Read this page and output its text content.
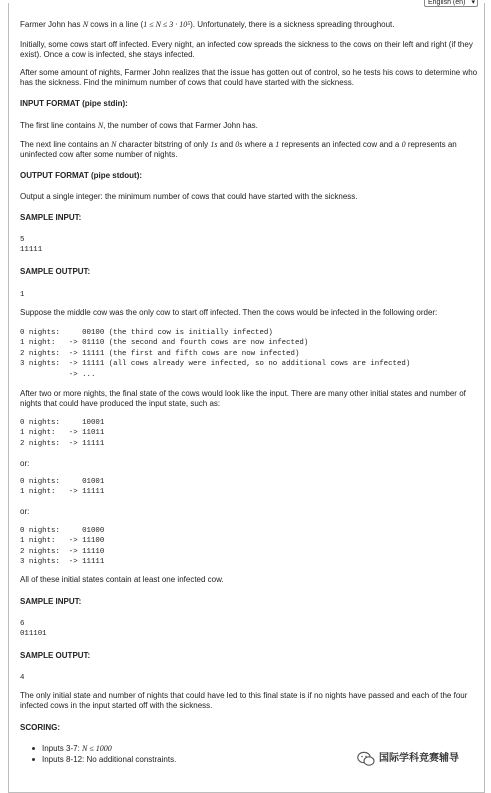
English (en) ▾
Farmer John has N cows in a line (1 ≤ N ≤ 3 · 10⁵). Unfortunately, there is a sickness spreading throughout.
Initially, some cows start off infected. Every night, an infected cow spreads the sickness to the cows on their left and right (if they
exist). Once a cow is infected, she stays infected.
After some amount of nights, Farmer John realizes that the issue has gotten out of control, so he tests his cows to determine who
has the sickness. Find the minimum number of cows that could have started with the sickness.
INPUT FORMAT (pipe stdin):
The first line contains N, the number of cows that Farmer John has.
The next line contains an N character bitstring of only 1s and 0s where a 1 represents an infected cow and a 0 represents an
uninfected cow after some number of nights.
OUTPUT FORMAT (pipe stdout):
Output a single integer: the minimum number of cows that could have started with the sickness.
SAMPLE INPUT:
5
11111
SAMPLE OUTPUT:
1
Suppose the middle cow was the only cow to start off infected. Then the cows would be infected in the following order:
0 nights:     00100 (the third cow is initially infected)
1 night:   -> 01110 (the second and fourth cows are now infected)
2 nights:  -> 11111 (the first and fifth cows are now infected)
3 nights:  -> 11111 (all cows already were infected, so no additional cows are infected)
-> ...
After two or more nights, the final state of the cows would look like the input. There are many other initial states and number of
nights that could have produced the input state, such as:
0 nights:     10001
1 night:   -> 11011
2 nights:  -> 11111
or:
0 nights:     01001
1 night:   -> 11111
or:
0 nights:     01000
1 night:   -> 11100
2 nights:  -> 11110
3 nights:  -> 11111
All of these initial states contain at least one infected cow.
SAMPLE INPUT:
6
011101
SAMPLE OUTPUT:
4
The only initial state and number of nights that could have led to this final state is if no nights have passed and each of the four
infected cows in the input started off with the sickness.
SCORING:
Inputs 3-7: N ≤ 1000
Inputs 8-12: No additional constraints.	国际学科竞赛辅导
